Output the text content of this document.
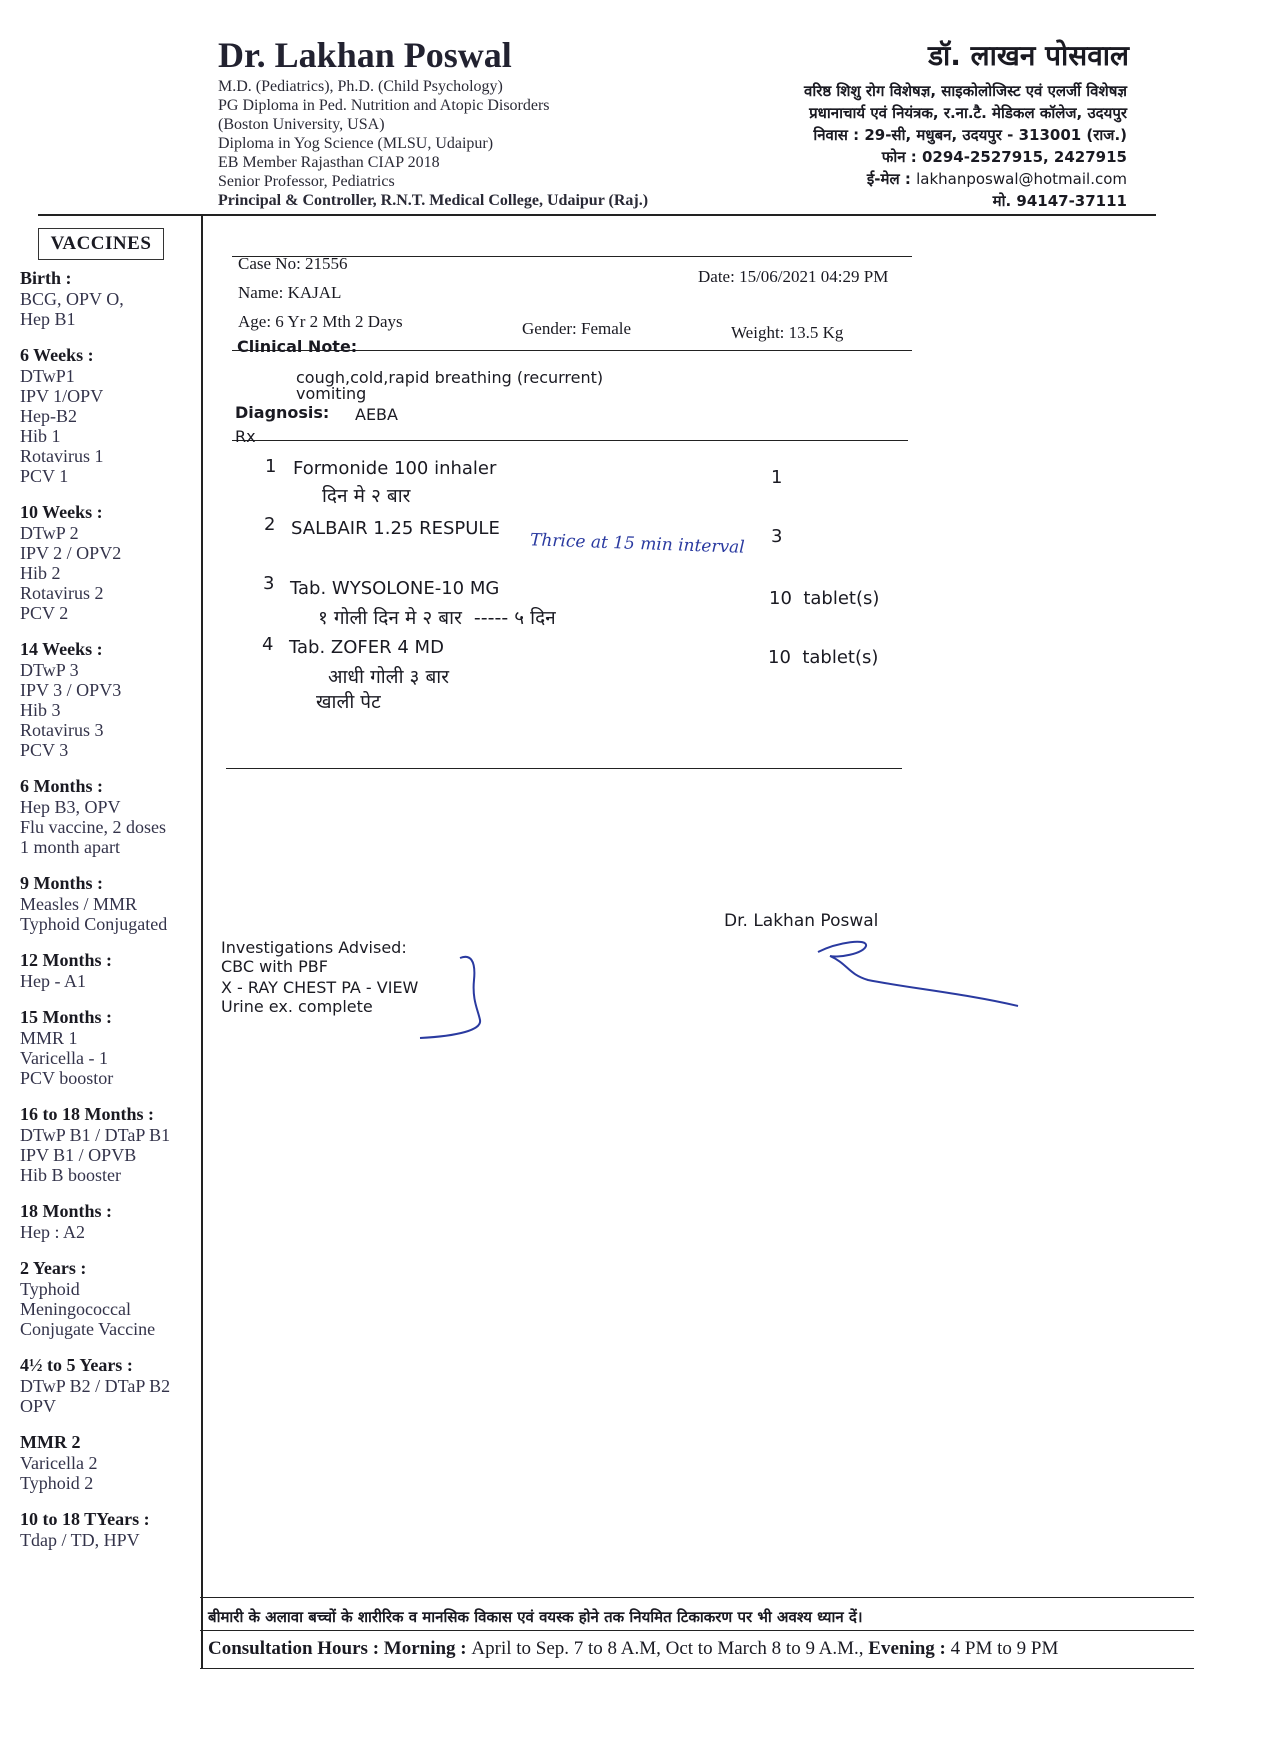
Dr. Lakhan Poswal
M.D. (Pediatrics), Ph.D. (Child Psychology)
PG Diploma in Ped. Nutrition and Atopic Disorders
(Boston University, USA)
Diploma in Yog Science (MLSU, Udaipur)
EB Member Rajasthan CIAP 2018
Senior Professor, Pediatrics
Principal & Controller, R.N.T. Medical College, Udaipur (Raj.)
डॉ. लाखन पोसवाल
वरिष्ठ शिशु रोग विशेषज्ञ, साइकोलोजिस्ट एवं एलर्जी विशेषज्ञ
प्रधानाचार्य एवं नियंत्रक, र.ना.टै. मेडिकल कॉलेज, उदयपुर
निवास : 29-सी, मधुबन, उदयपुर - 313001 (राज.)
फोन : 0294-2527915, 2427915
ई-मेल : lakhanposwal@hotmail.com
मो. 94147-37111
VACCINES
Birth :
BCG, OPV O,
Hep B1
6 Weeks :
DTwP1
IPV 1/OPV
Hep-B2
Hib 1
Rotavirus 1
PCV 1
10 Weeks :
DTwP 2
IPV 2 / OPV2
Hib 2
Rotavirus 2
PCV 2
14 Weeks :
DTwP 3
IPV 3 / OPV3
Hib 3
Rotavirus 3
PCV 3
6 Months :
Hep B3, OPV
Flu vaccine, 2 doses
1 month apart
9 Months :
Measles / MMR
Typhoid Conjugated
12 Months :
Hep - A1
15 Months :
MMR 1
Varicella - 1
PCV boostor
16 to 18 Months :
DTwP B1 / DTaP B1
IPV B1 / OPVB
Hib B booster
18 Months :
Hep : A2
2 Years :
Typhoid
Meningococcal
Conjugate Vaccine
4½ to 5 Years :
DTwP B2 / DTaP B2
OPV
MMR 2
Varicella 2
Typhoid 2
10 to 18 TYears :
Tdap / TD, HPV
Case No: 21556
Date: 15/06/2021 04:29 PM
Name: KAJAL
Age: 6 Yr 2 Mth 2 Days	Gender: Female	Weight: 13.5 Kg
Clinical Note:
cough,cold,rapid breathing (recurrent)
vomiting
Diagnosis: AEBA
Rx
1 Formonide 100 inhaler
दिन मे २ बार
1
2 SALBAIR 1.25 RESPULE	3
Thrice at 15 min interval
3 Tab. WYSOLONE-10 MG
१ गोली दिन मे २ बार  ----- ५ दिन
10  tablet(s)
4 Tab. ZOFER 4 MD
आधी गोली ३ बार
खाली पेट
10  tablet(s)
Dr. Lakhan Poswal
Investigations Advised:
CBC with PBF
X - RAY CHEST PA - VIEW
Urine ex. complete
बीमारी के अलावा बच्चों के शारीरिक व मानसिक विकास एवं वयस्क होने तक नियमित टिकाकरण पर भी अवश्य ध्यान दें।
Consultation Hours : Morning : April to Sep. 7 to 8 A.M, Oct to March 8 to 9 A.M., Evening : 4 PM to 9 PM
